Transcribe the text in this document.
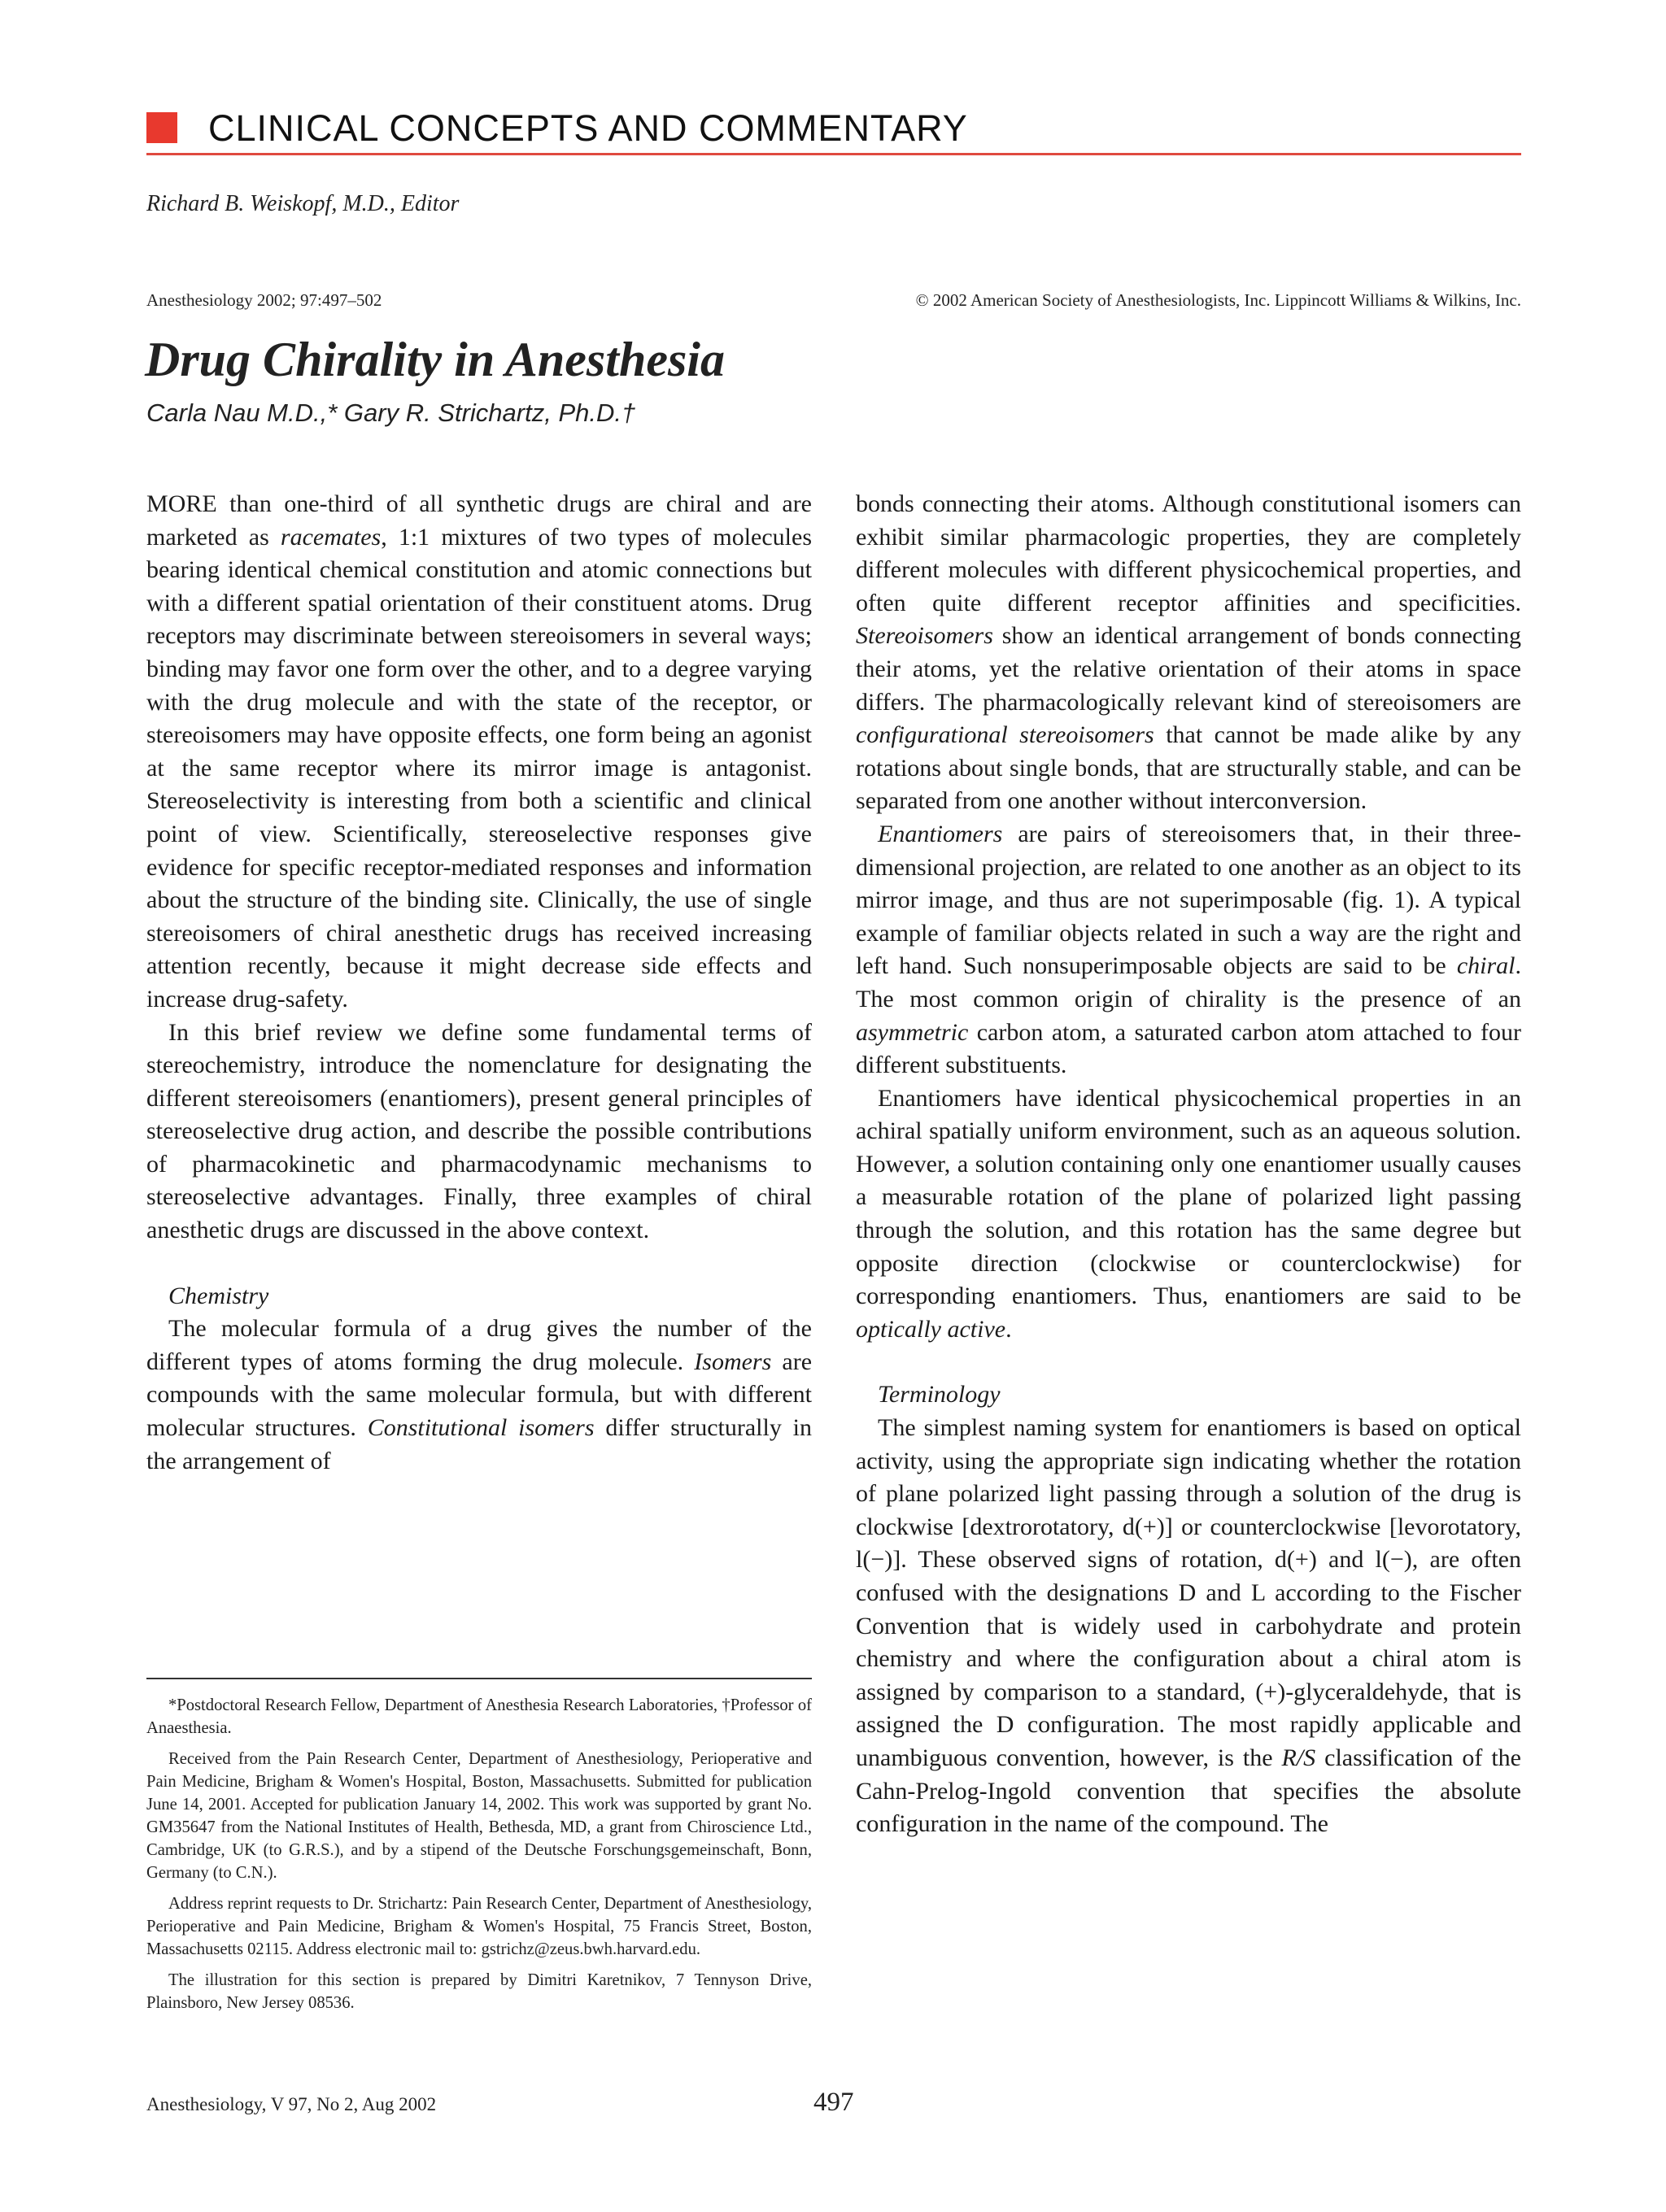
CLINICAL CONCEPTS AND COMMENTARY
Richard B. Weiskopf, M.D., Editor
Anesthesiology 2002; 97:497–502	© 2002 American Society of Anesthesiologists, Inc. Lippincott Williams & Wilkins, Inc.
Drug Chirality in Anesthesia
Carla Nau M.D.,* Gary R. Strichartz, Ph.D.†

MORE than one-third of all synthetic drugs are chiral and are marketed as racemates, 1:1 mixtures of two types of molecules bearing identical chemical constitution and atomic connections but with a different spatial orientation of their constituent atoms. Drug receptors may discriminate between stereoisomers in several ways; binding may favor one form over the other, and to a degree varying with the drug molecule and with the state of the receptor, or stereoisomers may have opposite effects, one form being an agonist at the same receptor where its mirror image is antagonist. Stereoselectivity is interesting from both a scientific and clinical point of view. Scientifically, stereoselective responses give evidence for specific receptor-mediated responses and information about the structure of the binding site. Clinically, the use of single stereoisomers of chiral anesthetic drugs has received increasing attention recently, because it might decrease side effects and increase drug-safety.

In this brief review we define some fundamental terms of stereochemistry, introduce the nomenclature for designating the different stereoisomers (enantiomers), present general principles of stereoselective drug action, and describe the possible contributions of pharmacokinetic and pharmacodynamic mechanisms to stereoselective advantages. Finally, three examples of chiral anesthetic drugs are discussed in the above context.

Chemistry

The molecular formula of a drug gives the number of the different types of atoms forming the drug molecule. Isomers are compounds with the same molecular formula, but with different molecular structures. Constitutional isomers differ structurally in the arrangement of

bonds connecting their atoms. Although constitutional isomers can exhibit similar pharmacologic properties, they are completely different molecules with different physicochemical properties, and often quite different receptor affinities and specificities. Stereoisomers show an identical arrangement of bonds connecting their atoms, yet the relative orientation of their atoms in space differs. The pharmacologically relevant kind of stereoisomers are configurational stereoisomers that cannot be made alike by any rotations about single bonds, that are structurally stable, and can be separated from one another without interconversion.

Enantiomers are pairs of stereoisomers that, in their three-dimensional projection, are related to one another as an object to its mirror image, and thus are not superimposable (fig. 1). A typical example of familiar objects related in such a way are the right and left hand. Such nonsuperimposable objects are said to be chiral. The most common origin of chirality is the presence of an asymmetric carbon atom, a saturated carbon atom attached to four different substituents.

Enantiomers have identical physicochemical properties in an achiral spatially uniform environment, such as an aqueous solution. However, a solution containing only one enantiomer usually causes a measurable rotation of the plane of polarized light passing through the solution, and this rotation has the same degree but opposite direction (clockwise or counterclockwise) for corresponding enantiomers. Thus, enantiomers are said to be optically active.

Terminology

The simplest naming system for enantiomers is based on optical activity, using the appropriate sign indicating whether the rotation of plane polarized light passing through a solution of the drug is clockwise [dextrorotatory, d(+)] or counterclockwise [levorotatory, l(−)]. These observed signs of rotation, d(+) and l(−), are often confused with the designations D and L according to the Fischer Convention that is widely used in carbohydrate and protein chemistry and where the configuration about a chiral atom is assigned by comparison to a standard, (+)-glyceraldehyde, that is assigned the D configuration. The most rapidly applicable and unambiguous convention, however, is the R/S classification of the Cahn-Prelog-Ingold convention that specifies the absolute configuration in the name of the compound. The

*Postdoctoral Research Fellow, Department of Anesthesia Research Laboratories, †Professor of Anaesthesia.

Received from the Pain Research Center, Department of Anesthesiology, Perioperative and Pain Medicine, Brigham & Women's Hospital, Boston, Massachusetts. Submitted for publication June 14, 2001. Accepted for publication January 14, 2002. This work was supported by grant No. GM35647 from the National Institutes of Health, Bethesda, MD, a grant from Chiroscience Ltd., Cambridge, UK (to G.R.S.), and by a stipend of the Deutsche Forschungsgemeinschaft, Bonn, Germany (to C.N.).

Address reprint requests to Dr. Strichartz: Pain Research Center, Department of Anesthesiology, Perioperative and Pain Medicine, Brigham & Women's Hospital, 75 Francis Street, Boston, Massachusetts 02115. Address electronic mail to: gstrichz@zeus.bwh.harvard.edu.

The illustration for this section is prepared by Dimitri Karetnikov, 7 Tennyson Drive, Plainsboro, New Jersey 08536.

Anesthesiology, V 97, No 2, Aug 2002	497
